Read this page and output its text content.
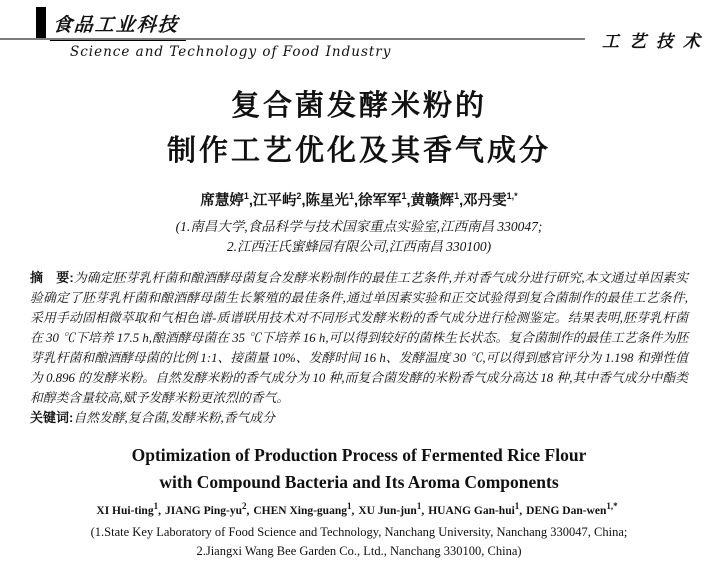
食品工业科技
Science and Technology of Food Industry
工艺技术
复合菌发酵米粉的
制作工艺优化及其香气成分
席慧婷$^1$,江平屿$^2$,陈星光$^1$,徐军军$^1$,黄赣辉$^1$,邓丹雯$^{1,*}$
(1.南昌大学,食品科学与技术国家重点实验室,江西南昌 330047;
2.江西汪氏蜜蜂园有限公司,江西南昌 330100)

摘　要:为确定胚芽乳杆菌和酿酒酵母菌复合发酵米粉制作的最佳工艺条件,并对香气成分进行研究,本文通过单因素实验确定了胚芽乳杆菌和酿酒酵母菌生长繁殖的最佳条件,通过单因素实验和正交试验得到复合菌制作的最佳工艺条件,采用手动固相微萃取和气相色谱-质谱联用技术对不同形式发酵米粉的香气成分进行检测鉴定。结果表明,胚芽乳杆菌在 30 ℃下培养 17.5 h,酿酒酵母菌在 35 ℃下培养 16 h,可以得到较好的菌株生长状态。复合菌制作的最佳工艺条件为胚芽乳杆菌和酿酒酵母菌的比例 1:1、接菌量 10%、发酵时间 16 h、发酵温度 30 ℃,可以得到感官评分为 1.198 和弹性值为 0.896 的发酵米粉。自然发酵米粉的香气成分为 10 种,而复合菌发酵的米粉香气成分高达 18 种,其中香气成分中酯类和醇类含量较高,赋予发酵米粉更浓烈的香气。

关键词:自然发酵,复合菌,发酵米粉,香气成分

Optimization of Production Process of Fermented Rice Flour
with Compound Bacteria and Its Aroma Components
XI Hui-ting$^1$, JIANG Ping-$yu^2$, CHEN Xing-guang$^1$, XU Jun-jun$^1$, HUANG Gan-hui$^1$, DENG Dan-wen$^{1,*}$
(1.State Key Laboratory of Food Science and Technology, Nanchang University, Nanchang 330047, China;
2.Jiangxi Wang Bee Garden Co., Ltd., Nanchang 330100, China)
